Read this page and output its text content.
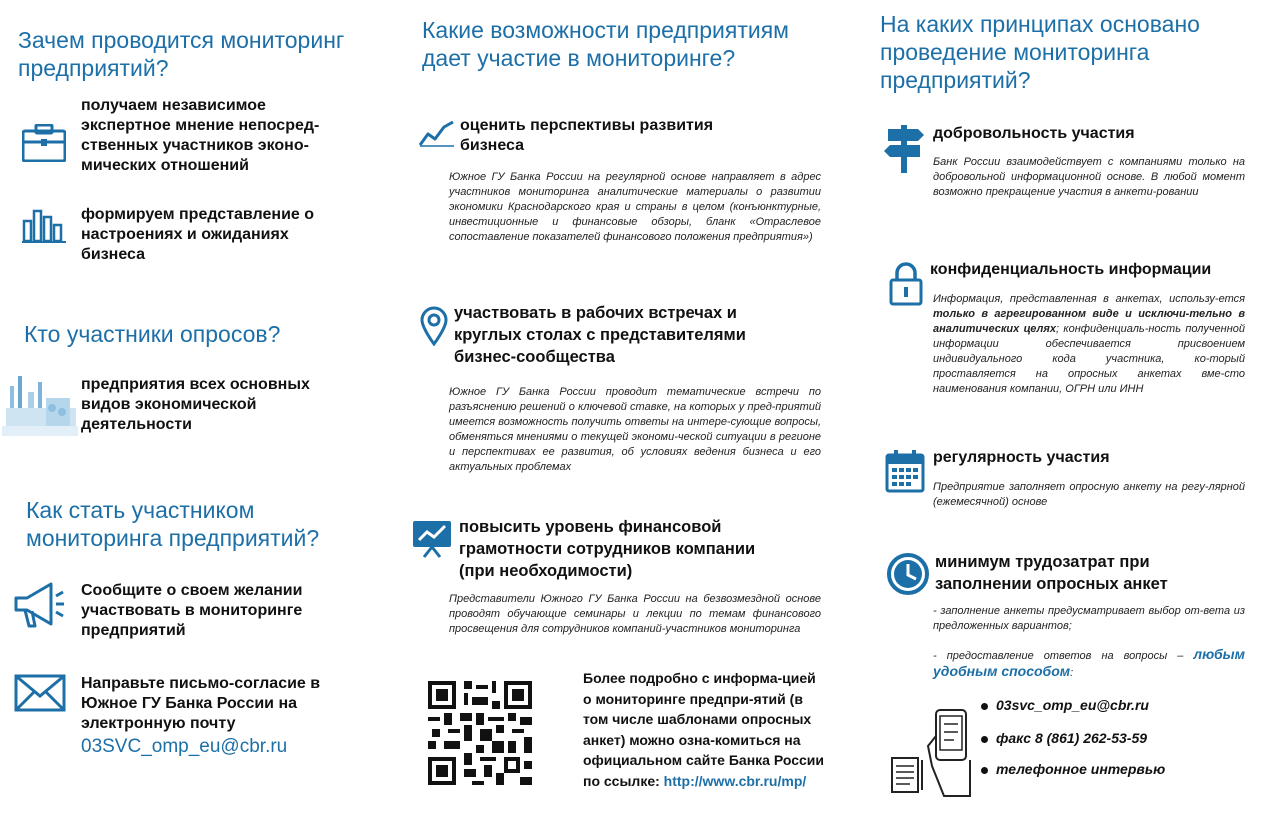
Зачем проводится мониторинг предприятий?
получаем независимое экспертное мнение непосред-ственных участников эконо-мических отношений
формируем представление о настроениях и ожиданиях бизнеса
Кто участники опросов?
предприятия всех основных видов экономической деятельности
Как стать участником мониторинга предприятий?
Сообщите о своем желании участвовать в мониторинге предприятий
Направьте письмо-согласие в Южное ГУ Банка России на электронную почту
03SVC_omp_eu@cbr.ru
Какие возможности предприятиям дает участие в мониторинге?
оценить перспективы развития бизнеса
Южное ГУ Банка России на регулярной основе направляет в адрес участников мониторинга аналитические материалы о развитии экономики Краснодарского края и страны в целом (конъюнктурные, инвестиционные и финансовые обзоры, бланк «Отраслевое сопоставление показателей финансового положения предприятия»)
участвовать в рабочих встречах и круглых столах с представителями бизнес-сообщества
Южное ГУ Банка России проводит тематические встречи по разъяснению решений о ключевой ставке, на которых у пред-приятий имеется возможность получить ответы на интере-сующие вопросы, обменяться мнениями о текущей экономи-ческой ситуации в регионе и перспективах ее развития, об условиях ведения бизнеса и его актуальных проблемах
повысить уровень финансовой грамотности сотрудников компании (при необходимости)
Представители Южного ГУ Банка России на безвозмездной основе проводят обучающие семинары и лекции по темам финансового просвещения для сотрудников компаний-участников мониторинга
Более подробно с информа-цией о мониторинге предпри-ятий (в том числе шаблонами опросных анкет) можно озна-комиться на официальном сайте Банка России по ссылке: http://www.cbr.ru/mp/
На каких принципах основано проведение мониторинга предприятий?
добровольность участия
Банк России взаимодействует с компаниями только на добровольной информационной основе. В любой момент возможно прекращение участия в анкети-ровании
конфиденциальность информации
Информация, представленная в анкетах, использу-ется только в агрегированном виде и исключи-тельно в аналитических целях; конфиденциаль-ность полученной информации обеспечивается присвоением индивидуального кода участника, ко-торый проставляется на опросных анкетах вме-сто наименования компании, ОГРН или ИНН
регулярность участия
Предприятие заполняет опросную анкету на регу-лярной (ежемесячной) основе
минимум трудозатрат при заполнении опросных анкет
- заполнение анкеты предусматривает выбор от-вета из предложенных вариантов;
- предоставление ответов на вопросы – любым удобным способом:
03svc_omp_eu@cbr.ru
факс 8 (861) 262-53-59
телефонное интервью
